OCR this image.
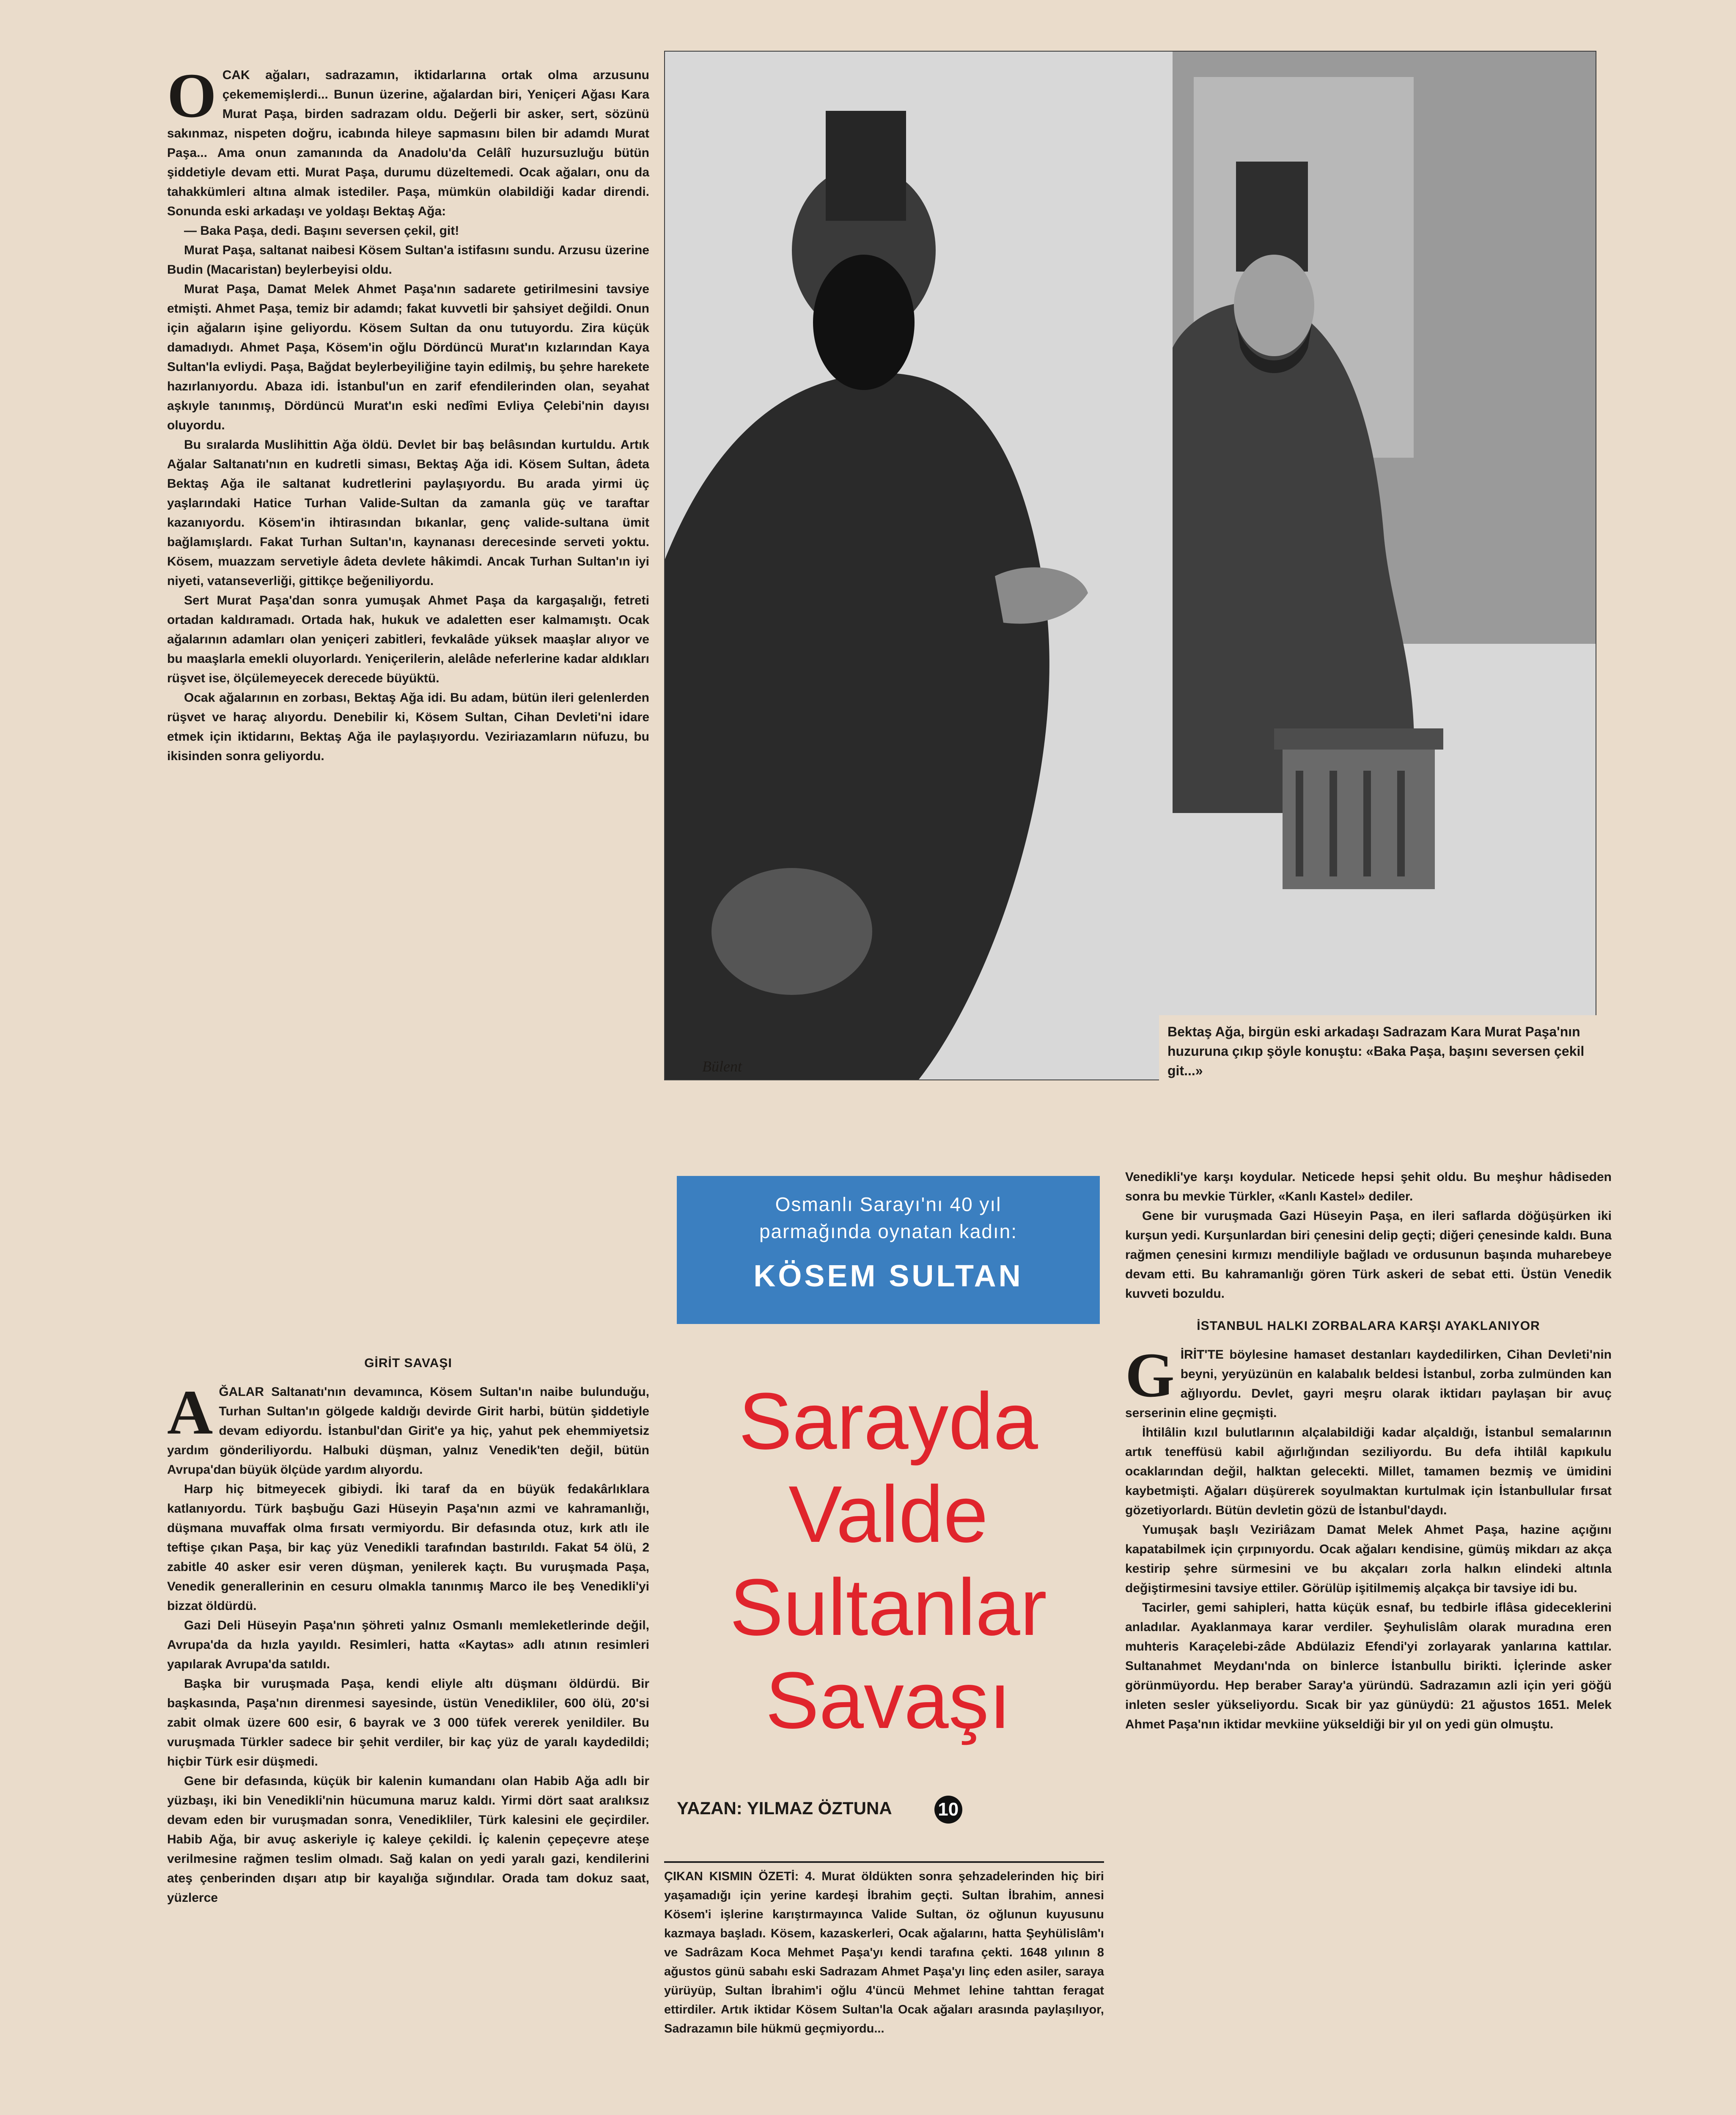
O CAK ağaları, sadrazamın, iktidarlarına ortak olma arzusunu çekememişlerdi... Bunun üzerine, ağalardan biri, Yeniçeri Ağası Kara Murat Paşa, birden sadrazam oldu. Değerli bir asker, sert, sözünü sakınmaz, nispeten doğru, icabında hileye sapmasını bilen bir adamdı Murat Paşa... Ama onun zamanında da Anadolu'da Celâlî huzursuzluğu bütün şiddetiyle devam etti. Murat Paşa, durumu düzeltemedi. Ocak ağaları, onu da tahakkümleri altına almak istediler. Paşa, mümkün olabildiği kadar direndi. Sonunda eski arkadaşı ve yoldaşı Bektaş Ağa:

— Baka Paşa, dedi. Başını seversen çekil, git!

Murat Paşa, saltanat naibesi Kösem Sultan'a istifasını sundu. Arzusu üzerine Budin (Macaristan) beylerbeyisi oldu.

Murat Paşa, Damat Melek Ahmet Paşa'nın sadarete getirilmesini tavsiye etmişti. Ahmet Paşa, temiz bir adamdı; fakat kuvvetli bir şahsiyet değildi. Onun için ağaların işine geliyordu. Kösem Sultan da onu tutuyordu. Zira küçük damadıydı. Ahmet Paşa, Kösem'in oğlu Dördüncü Murat'ın kızlarından Kaya Sultan'la evliydi. Paşa, Bağdat beylerbeyiliğine tayin edilmiş, bu şehre harekete hazırlanıyordu. Abaza idi. İstanbul'un en zarif efendilerinden olan, seyahat aşkıyle tanınmış, Dördüncü Murat'ın eski nedîmi Evliya Çelebi'nin dayısı oluyordu.

Bu sıralarda Muslihittin Ağa öldü. Devlet bir baş belâsından kurtuldu. Artık Ağalar Saltanatı'nın en kudretli siması, Bektaş Ağa idi. Kösem Sultan, âdeta Bektaş Ağa ile saltanat kudretlerini paylaşıyordu. Bu arada yirmi üç yaşlarındaki Hatice Turhan Valide-Sultan da zamanla güç ve taraftar kazanıyordu. Kösem'in ihtirasından bıkanlar, genç valide-sultana ümit bağlamışlardı. Fakat Turhan Sultan'ın, kaynanası derecesinde serveti yoktu. Kösem, muazzam servetiyle âdeta devlete hâkimdi. Ancak Turhan Sultan'ın iyi niyeti, vatanseverliği, gittikçe beğeniliyordu.

Sert Murat Paşa'dan sonra yumuşak Ahmet Paşa da kargaşalığı, fetreti ortadan kaldıramadı. Ortada hak, hukuk ve adaletten eser kalmamıştı. Ocak ağalarının adamları olan yeniçeri zabitleri, fevkalâde yüksek maaşlar alıyor ve bu maaşlarla emekli oluyorlardı. Yeniçerilerin, alelâde neferlerine kadar aldıkları rüşvet ise, ölçülemeyecek derecede büyüktü.

Ocak ağalarının en zorbası, Bektaş Ağa idi. Bu adam, bütün ileri gelenlerden rüşvet ve haraç alıyordu. Denebilir ki, Kösem Sultan, Cihan Devleti'ni idare etmek için iktidarını, Bektaş Ağa ile paylaşıyordu. Veziriazamların nüfuzu, bu ikisinden sonra geliyordu.

GİRİT SAVAŞI
A ĞALAR Saltanatı'nın devamınca, Kösem Sultan'ın naibe bulunduğu, Turhan Sultan'ın gölgede kaldığı devirde Girit harbi, bütün şiddetiyle devam ediyordu. İstanbul'dan Girit'e ya hiç, yahut pek ehemmiyetsiz yardım gönderiliyordu. Halbuki düşman, yalnız Venedik'ten değil, bütün Avrupa'dan büyük ölçüde yardım alıyordu.

Harp hiç bitmeyecek gibiydi. İki taraf da en büyük fedakârlıklara katlanıyordu. Türk başbuğu Gazi Hüseyin Paşa'nın azmi ve kahramanlığı, düşmana muvaffak olma fırsatı vermiyordu. Bir defasında otuz, kırk atlı ile teftişe çıkan Paşa, bir kaç yüz Venedikli tarafından bastırıldı. Fakat 54 ölü, 2 zabitle 40 asker esir veren düşman, yenilerek kaçtı. Bu vuruşmada Paşa, Venedik generallerinin en cesuru olmakla tanınmış Marco ile beş Venedikli'yi bizzat öldürdü.

Gazi Deli Hüseyin Paşa'nın şöhreti yalnız Osmanlı memleketlerinde değil, Avrupa'da da hızla yayıldı. Resimleri, hatta «Kaytas» adlı atının resimleri yapılarak Avrupa'da satıldı.

Başka bir vuruşmada Paşa, kendi eliyle altı düşmanı öldürdü. Bir başkasında, Paşa'nın direnmesi sayesinde, üstün Venedikliler, 600 ölü, 20'si zabit olmak üzere 600 esir, 6 bayrak ve 3 000 tüfek vererek yenildiler. Bu vuruşmada Türkler sadece bir şehit verdiler, bir kaç yüz de yaralı kaydedildi; hiçbir Türk esir düşmedi.

Gene bir defasında, küçük bir kalenin kumandanı olan Habib Ağa adlı bir yüzbaşı, iki bin Venedikli'nin hücumuna maruz kaldı. Yirmi dört saat aralıksız devam eden bir vuruşmadan sonra, Venedikliler, Türk kalesini ele geçirdiler. Habib Ağa, bir avuç askeriyle iç kaleye çekildi. İç kalenin çepeçevre ateşe verilmesine rağmen teslim olmadı. Sağ kalan on yedi yaralı gazi, kendilerini ateş çenberinden dışarı atıp bir kayalığa sığındılar. Orada tam dokuz saat, yüzlerce

Bektaş Ağa, birgün eski arkadaşı Sadrazam Kara Murat Paşa'nın huzuruna çıkıp şöyle konuştu: «Baka Paşa, başını seversen çekil git...»
Bülent
Osmanlı Sarayı'nı 40 yıl
parmağında oynatan kadın:
KÖSEM SULTAN
Sarayda
Valde
Sultanlar
Savaşı
YAZAN: YILMAZ ÖZTUNA	10
ÇIKAN KISMIN ÖZETİ: 4. Murat öldükten sonra şehzadelerinden hiç biri yaşamadığı için yerine kardeşi İbrahim geçti. Sultan İbrahim, annesi Kösem'i işlerine karıştırmayınca Valide Sultan, öz oğlunun kuyusunu kazmaya başladı. Kösem, kazaskerleri, Ocak ağalarını, hatta Şeyhülislâm'ı ve Sadrâzam Koca Mehmet Paşa'yı kendi tarafına çekti. 1648 yılının 8 ağustos günü sabahı eski Sadrazam Ahmet Paşa'yı linç eden asiler, saraya yürüyüp, Sultan İbrahim'i oğlu 4'üncü Mehmet lehine tahttan feragat ettirdiler. Artık iktidar Kösem Sultan'la Ocak ağaları arasında paylaşılıyor, Sadrazamın bile hükmü geçmiyordu...

Venedikli'ye karşı koydular. Neticede hepsi şehit oldu. Bu meşhur hâdiseden sonra bu mevkie Türkler, «Kanlı Kastel» dediler.

Gene bir vuruşmada Gazi Hüseyin Paşa, en ileri saflarda döğüşürken iki kurşun yedi. Kurşunlardan biri çenesini delip geçti; diğeri çenesinde kaldı. Buna rağmen çenesini kırmızı mendiliyle bağladı ve ordusunun başında muharebeye devam etti. Bu kahramanlığı gören Türk askeri de sebat etti. Üstün Venedik kuvveti bozuldu.

İSTANBUL HALKI ZORBALARA KARŞI AYAKLANIYOR
G İRİT'TE böylesine hamaset destanları kaydedilirken, Cihan Devleti'nin beyni, yeryüzünün en kalabalık beldesi İstanbul, zorba zulmünden kan ağlıyordu. Devlet, gayri meşru olarak iktidarı paylaşan bir avuç serserinin eline geçmişti.

İhtilâlin kızıl bulutlarının alçalabildiği kadar alçaldığı, İstanbul semalarının artık teneffüsü kabil ağırlığından seziliyordu. Bu defa ihtilâl kapıkulu ocaklarından değil, halktan gelecekti. Millet, tamamen bezmiş ve ümidini kaybetmişti. Ağaları düşürerek soyulmaktan kurtulmak için İstanbullular fırsat gözetiyorlardı. Bütün devletin gözü de İstanbul'daydı.

Yumuşak başlı Veziriâzam Damat Melek Ahmet Paşa, hazine açığını kapatabilmek için çırpınıyordu. Ocak ağaları kendisine, gümüş mikdarı az akça kestirip şehre sürmesini ve bu akçaları zorla halkın elindeki altınla değiştirmesini tavsiye ettiler. Görülüp işitilmemiş alçakça bir tavsiye idi bu.

Tacirler, gemi sahipleri, hatta küçük esnaf, bu tedbirle iflâsa gideceklerini anladılar. Ayaklanmaya karar verdiler. Şeyhulislâm olarak muradına eren muhteris Karaçelebi-zâde Abdülaziz Efendi'yi zorlayarak yanlarına kattılar. Sultanahmet Meydanı'nda on binlerce İstanbullu birikti. İçlerinde asker görünmüyordu. Hep beraber Saray'a yüründü. Sadrazamın azli için yeri göğü inleten sesler yükseliyordu. Sıcak bir yaz günüydü: 21 ağustos 1651. Melek Ahmet Paşa'nın iktidar mevkiine yükseldiği bir yıl on yedi gün olmuştu.
